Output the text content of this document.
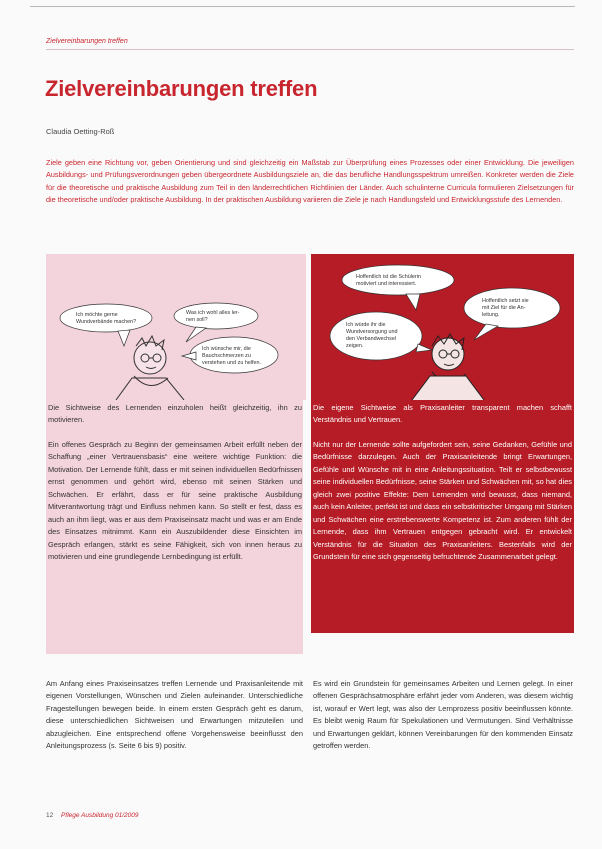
Zielvereinbarungen treffen
Zielvereinbarungen treffen
Claudia Oetting-Roß
Ziele geben eine Richtung vor, geben Orientierung und sind gleichzeitig ein Maßstab zur Überprüfung eines Prozesses oder einer Entwicklung. Die jeweiligen Ausbildungs- und Prüfungsverordnungen geben übergeordnete Ausbildungsziele an, die das berufliche Handlungsspektrum umreißen. Konkreter werden die Ziele für die theoretische und praktische Ausbildung zum Teil in den länderrechtlichen Richtlinien der Länder. Auch schulinterne Curricula formulieren Zielsetzungen für die theoretische und/oder praktische Ausbildung. In der praktischen Ausbildung variieren die Ziele je nach Handlungsfeld und Entwicklungsstufe des Lernenden.
Ich möchte gerne
Wundverbände machen?
Was ich wohl alles ler-
nen soll?
Ich wünsche mir, die
Bauchschmerzen zu
verstehen und zu helfen.
Hoffentlich ist die Schülerin
motiviert und interessiert.
Hoffentlich setzt sie
mit Ziel für die An-
leitung.
Ich würde ihr die
Wundversorgung und
den Verbandwechsel
zeigen.

Die Sichtweise des Lernenden einzuholen heißt gleichzeitig, ihn zu motivieren.

Ein offenes Gespräch zu Beginn der gemeinsamen Arbeit erfüllt neben der Schaffung „einer Vertrauensbasis“ eine weitere wichtige Funktion: die Motivation. Der Lernende fühlt, dass er mit seinen individuellen Bedürfnissen ernst genommen und gehört wird, ebenso mit seinen Stärken und Schwächen. Er erfährt, dass er für seine praktische Ausbildung Mitverantwortung trägt und Einfluss nehmen kann. So stellt er fest, dass es auch an ihm liegt, was er aus dem Praxiseinsatz macht und was er am Ende des Einsatzes mitnimmt. Kann ein Auszubildender diese Einsichten im Gespräch erlangen, stärkt es seine Fähigkeit, sich von innen heraus zu motivieren und eine grundlegende Lernbedingung ist erfüllt.

Die eigene Sichtweise als Praxisanleiter transparent machen schafft Verständnis und Vertrauen.

Nicht nur der Lernende sollte aufgefordert sein, seine Gedanken, Gefühle und Bedürfnisse darzulegen. Auch der Praxisanleitende bringt Erwartungen, Gefühle und Wünsche mit in eine Anleitungssituation. Teilt er selbstbewusst seine individuellen Bedürfnisse, seine Stärken und Schwächen mit, so hat dies gleich zwei positive Effekte: Dem Lernenden wird bewusst, dass niemand, auch kein Anleiter, perfekt ist und dass ein selbstkritischer Umgang mit Stärken und Schwächen eine erstrebenswerte Kompetenz ist. Zum anderen fühlt der Lernende, dass ihm Vertrauen entgegen gebracht wird. Er entwickelt Verständnis für die Situation des Praxisanleiters. Bestenfalls wird der Grundstein für eine sich gegenseitig befruchtende Zusammenarbeit gelegt.

Am Anfang eines Praxiseinsatzes treffen Lernende und Praxisanleitende mit eigenen Vorstellungen, Wünschen und Zielen aufeinander. Unterschiedliche Fragestellungen bewegen beide. In einem ersten Gespräch geht es darum, diese unterschiedlichen Sichtweisen und Erwartungen mitzuteilen und abzugleichen. Eine entsprechend offene Vorgehensweise beeinflusst den Anleitungsprozess (s. Seite 6 bis 9) positiv.
Es wird ein Grundstein für gemeinsames Arbeiten und Lernen gelegt. In einer offenen Gesprächsatmosphäre erfährt jeder vom Anderen, was diesem wichtig ist, worauf er Wert legt, was also der Lernprozess positiv beeinflussen könnte. Es bleibt wenig Raum für Spekulationen und Vermutungen. Sind Verhältnisse und Erwartungen geklärt, können Vereinbarungen für den kommenden Einsatz getroffen werden.
12 Pflege Ausbildung 01/2009
